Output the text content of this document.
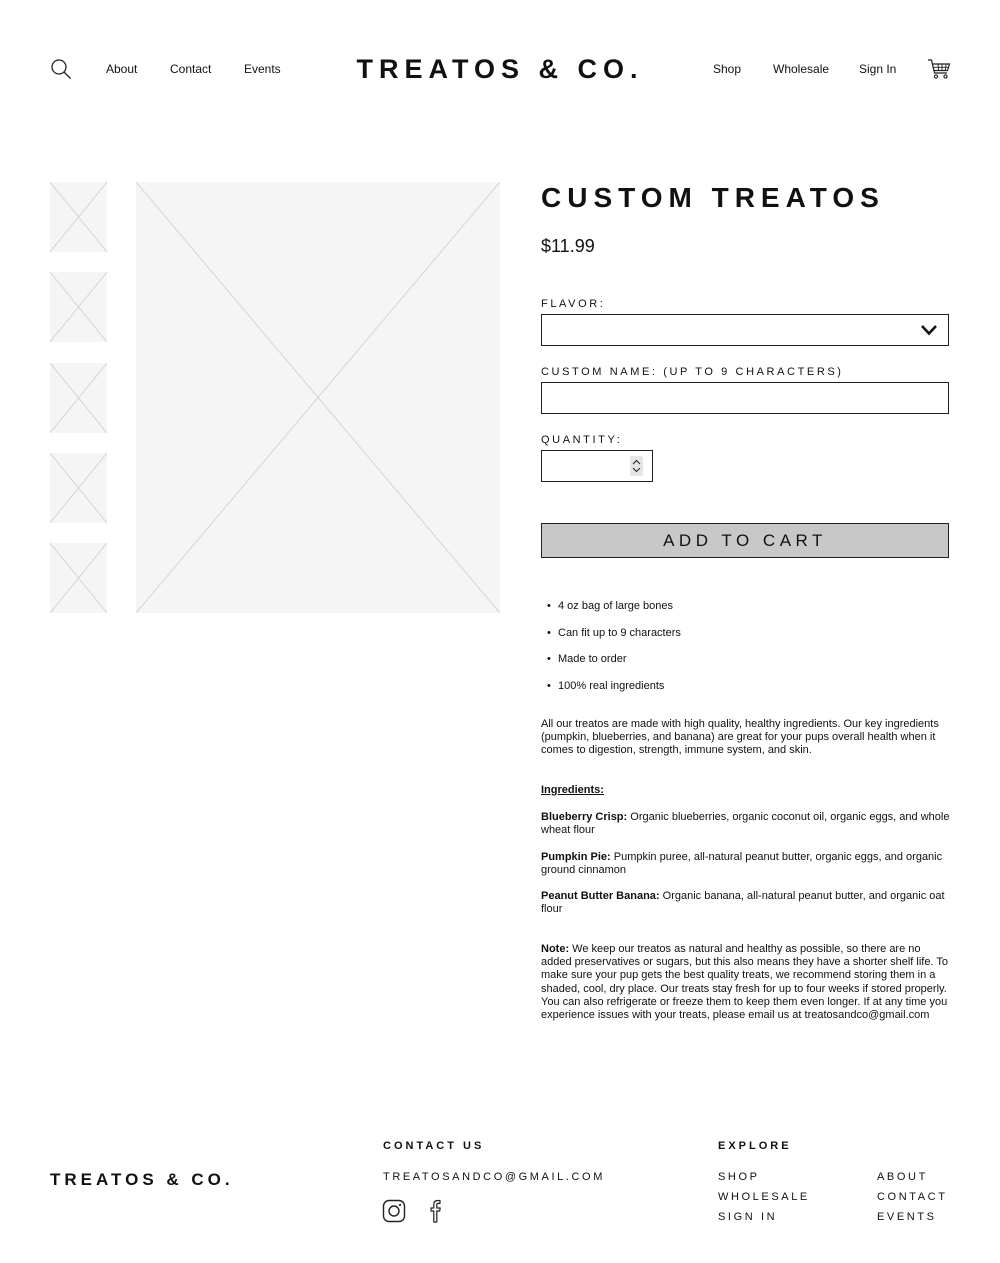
About	Contact	Events	TREATOS & CO.	Shop	Wholesale Sign In
CUSTOM TREATOS
$11.99
FLAVOR:
CUSTOM NAME: (UP TO 9 CHARACTERS)
QUANTITY:
ADD TO CART
• 4 oz bag of large bones
• Can fit up to 9 characters
• Made to order
• 100% real ingredients

All our treatos are made with high quality, healthy ingredients. Our key ingredients (pumpkin, blueberries, and banana) are great for your pups overall health when it comes to digestion, strength, immune system, and skin.

Ingredients:

Blueberry Crisp: Organic blueberries, organic coconut oil, organic eggs, and whole wheat flour

Pumpkin Pie: Pumpkin puree, all-natural peanut butter, organic eggs, and organic ground cinnamon

Peanut Butter Banana: Organic banana, all-natural peanut butter, and organic oat flour

Note: We keep our treatos as natural and healthy as possible, so there are no added preservatives or sugars, but this also means they have a shorter shelf life. To make sure your pup gets the best quality treats, we recommend storing them in a shaded, cool, dry place. Our treats stay fresh for up to four weeks if stored properly. You can also refrigerate or freeze them to keep them even longer. If at any time you experience issues with your treats, please email us at treatosandco@gmail.com

TREATOS & CO.
CONTACT US
TREATOSANDCO@GMAIL.COM
EXPLORE
SHOP
WHOLESALE
SIGN IN
ABOUT
CONTACT
EVENTS
